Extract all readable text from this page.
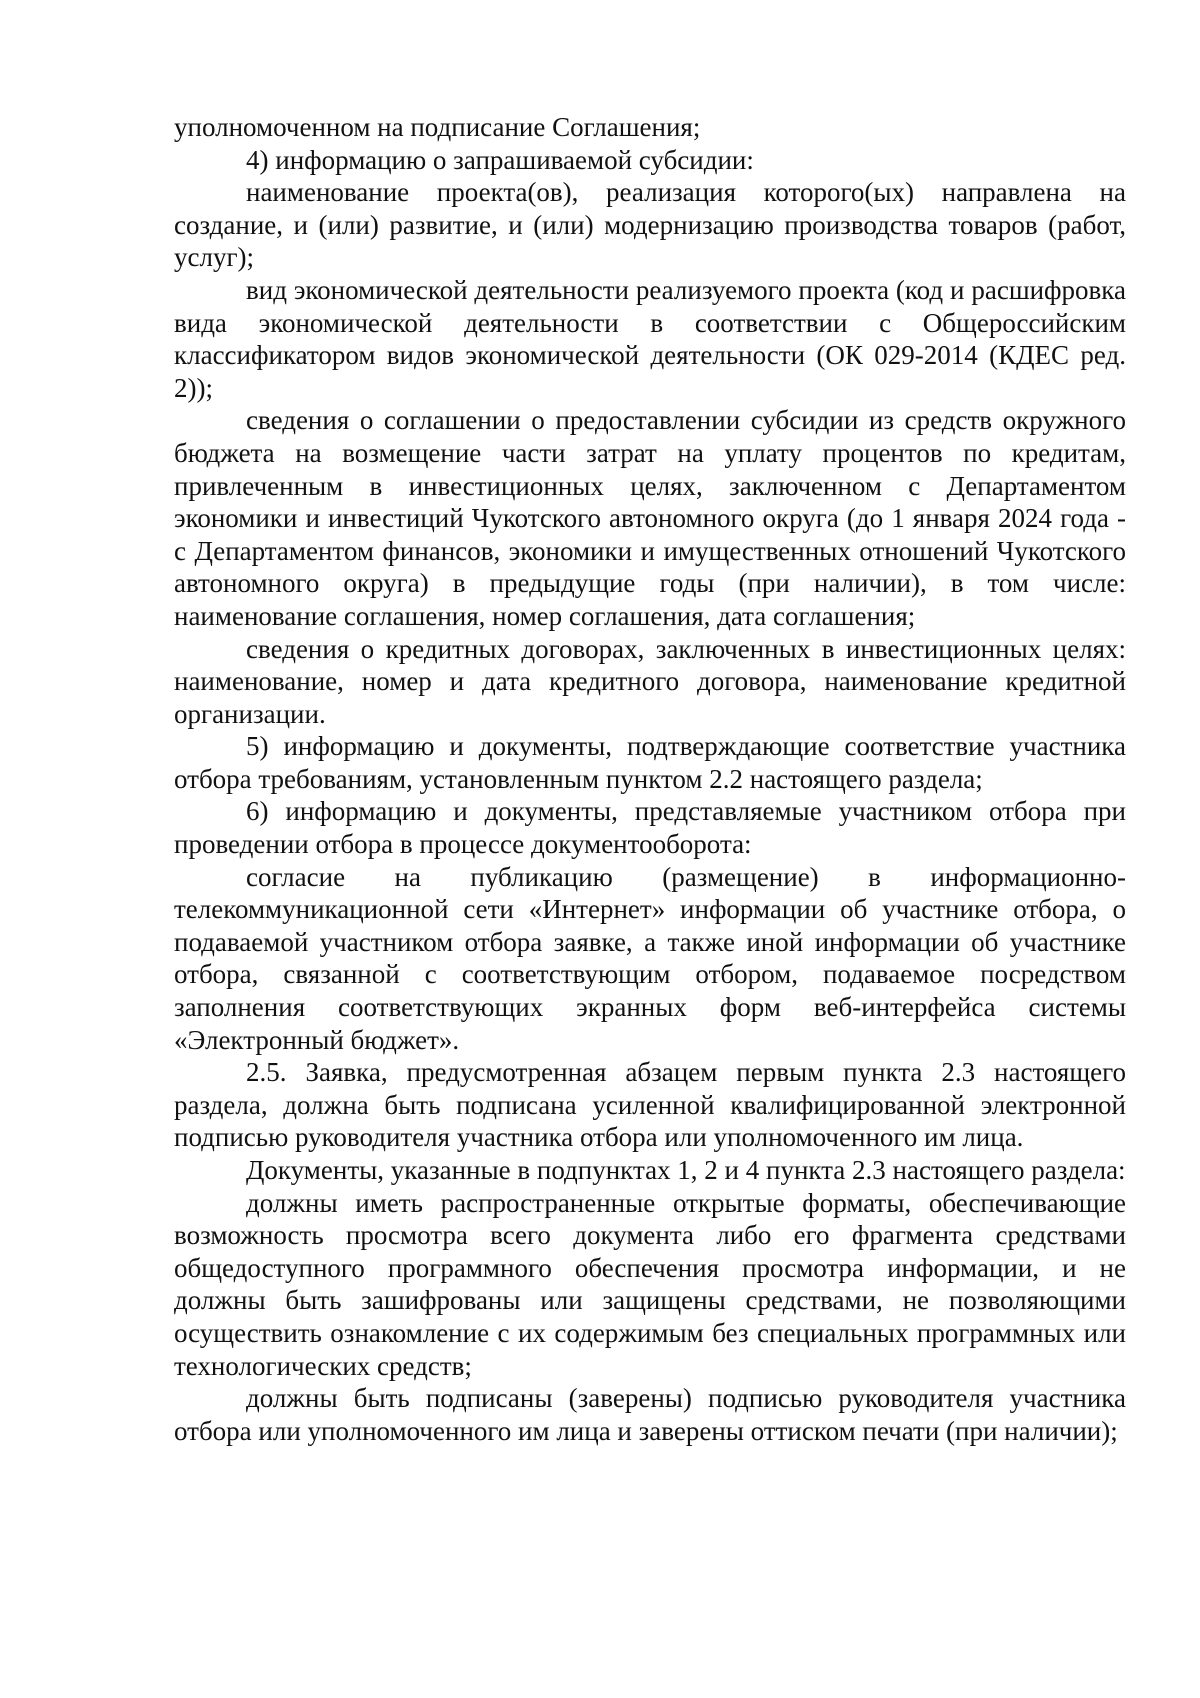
уполномоченном на подписание Соглашения;

4) информацию о запрашиваемой субсидии:

наименование проекта(ов), реализация которого(ых) направлена на создание, и (или) развитие, и (или) модернизацию производства товаров (работ, услуг);

вид экономической деятельности реализуемого проекта (код и расшифровка вида экономической деятельности в соответствии с Общероссийским классификатором видов экономической деятельности (ОК 029-2014 (КДЕС ред. 2));

сведения о соглашении о предоставлении субсидии из средств окружного бюджета на возмещение части затрат на уплату процентов по кредитам, привлеченным в инвестиционных целях, заключенном с Департаментом экономики и инвестиций Чукотского автономного округа (до 1 января 2024 года - с Департаментом финансов, экономики и имущественных отношений Чукотского автономного округа) в предыдущие годы (при наличии), в том числе: наименование соглашения, номер соглашения, дата соглашения;

сведения о кредитных договорах, заключенных в инвестиционных целях: наименование, номер и дата кредитного договора, наименование кредитной организации.

5) информацию и документы, подтверждающие соответствие участника отбора требованиям, установленным пунктом 2.2 настоящего раздела;

6) информацию и документы, представляемые участником отбора при проведении отбора в процессе документооборота:

согласие на публикацию (размещение) в информационно-телекоммуникационной сети «Интернет» информации об участнике отбора, о подаваемой участником отбора заявке, а также иной информации об участнике отбора, связанной с соответствующим отбором, подаваемое посредством заполнения соответствующих экранных форм веб-интерфейса системы «Электронный бюджет».

2.5. Заявка, предусмотренная абзацем первым пункта 2.3 настоящего раздела, должна быть подписана усиленной квалифицированной электронной подписью руководителя участника отбора или уполномоченного им лица.

Документы, указанные в подпунктах 1, 2 и 4 пункта 2.3 настоящего раздела:

должны иметь распространенные открытые форматы, обеспечивающие возможность просмотра всего документа либо его фрагмента средствами общедоступного программного обеспечения просмотра информации, и не должны быть зашифрованы или защищены средствами, не позволяющими осуществить ознакомление с их содержимым без специальных программных или технологических средств;

должны быть подписаны (заверены) подписью руководителя участника отбора или уполномоченного им лица и заверены оттиском печати (при наличии);
